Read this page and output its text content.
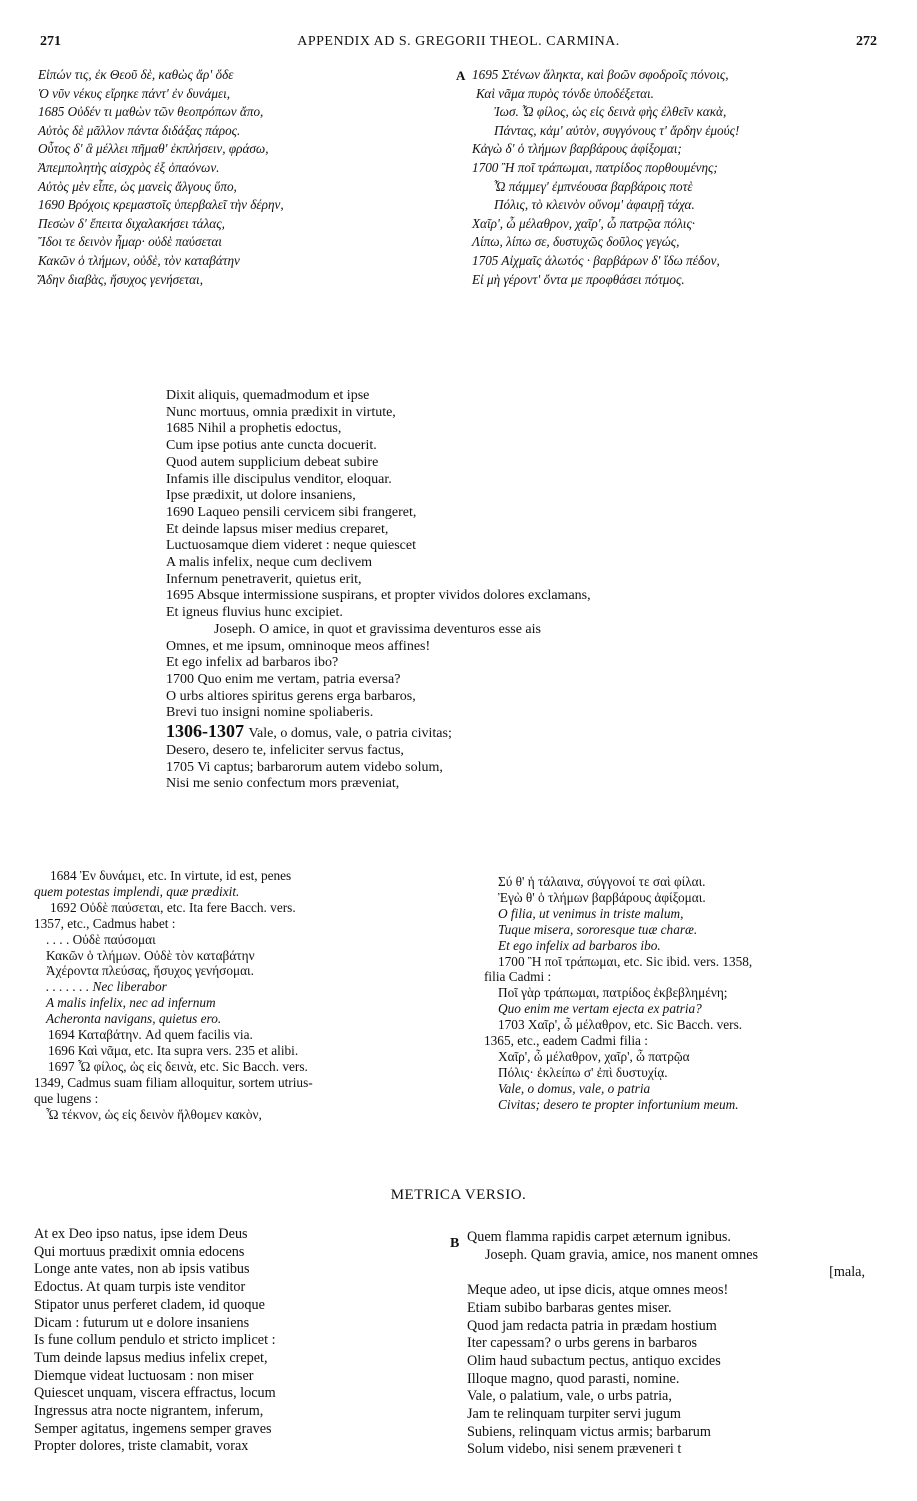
271	APPENDIX AD S. GREGORII THEOL. CARMINA.	272
Εἰπών τις, ἐκ Θεοῦ δὲ, καθὼς ἄρ' ὅδε
Ὁ νῦν νέκυς εἴρηκε πάντ' ἐν δυνάμει,
1685 Οὐδέν τι μαθὼν τῶν θεοπρόπων ἄπο,
Αὐτὸς δὲ μᾶλλον πάντα διδάξας πάρος.
Οὗτος δ' ἃ μέλλει πῆμαθ' ἐκπλήσειν, φράσω,
Ἀπεμπολητὴς αἰσχρὸς ἐξ ὀπαόνων.
Αὐτὸς μὲν εἶπε, ὡς μανεὶς ἄλγους ὕπο,
1690 Βρόχοις κρεμαστοῖς ὑπερβαλεῖ τὴν δέρην,
Πεσὼν δ' ἔπειτα διχαλακήσει τάλας,
Ἴδοι τε δεινὸν ἦμαρ· οὐδὲ παύσεται
Κακῶν ὁ τλήμων, οὐδὲ, τὸν καταβάτην
Ἄδην διαβὰς, ἥσυχος γενήσεται,
A 1695 Στένων ἄληκτα, καὶ βοῶν σφοδροῖς πόνοις,
Καὶ νᾶμα πυρὸς τόνδε ὑποδέξεται.
Ἰωσ. Ὦ φίλος, ὡς εἰς δεινὰ φὴς ἐλθεῖν κακὰ,
Πάντας, κἀμ' αὐτὸν, συγγόνους τ' ἄρδην ἐμούς!
Κἀγὼ δ' ὁ τλήμων βαρβάρους ἀφίξομαι;
1700 Ἢ ποῖ τράπωμαι, πατρίδος πορθουμένης;
Ὦ πάμμεγ' ἐμπνέουσα βαρβάροις ποτὲ
Πόλις, τὸ κλεινὸν οὔνομ' ἀφαιρῇ τάχα.
Χαῖρ', ὦ μέλαθρον, χαῖρ', ὦ πατρῷα πόλις·
Λίπω, λίπω σε, δυστυχῶς δοῦλος γεγώς,
1705 Αἰχμαῖς ἁλωτός · βαρβάρων δ' ἴδω πέδον,
Εἰ μὴ γέροντ' ὄντα με προφθάσει πότμος.
Dixit aliquis, quemadmodum et ipse
Nunc mortuus, omnia prædixit in virtute,
1685 Nihil a prophetis edoctus,
Cum ipse potius ante cuncta docuerit.
Quod autem supplicium debeat subire
Infamis ille discipulus venditor, eloquar.
Ipse prædixit, ut dolore insaniens,
1690 Laqueo pensili cervicem sibi frangeret,
Et deinde lapsus miser medius creparet,
Luctuosamque diem videret : neque quiescet
A malis infelix, neque cum declivem
Infernum penetraverit, quietus erit,
1695 Absque intermissione suspirans, et propter vividos dolores exclamans,
Et igneus fluvius hunc excipiet.
Joseph. O amice, in quot et gravissima deventuros esse ais
Omnes, et me ipsum, omninoque meos affines!
Et ego infelix ad barbaros ibo?
1700 Quo enim me vertam, patria eversa?
O urbs altiores spiritus gerens erga barbaros,
Brevi tuo insigni nomine spoliaberis.
1306-1307 Vale, o domus, vale, o patria civitas;
Desero, desero te, infeliciter servus factus,
1705 Vi captus; barbarorum autem videbo solum,
Nisi me senio confectum mors præveniat,
1684 Ἐν δυνάμει, etc. In virtute, id est, penes
quem potestas implendi, quæ prædixit.
1692 Οὐδὲ παύσεται, etc. Ita fere Bacch. vers.
1357, etc., Cadmus habet :
. . . . Οὐδὲ παύσομαι
Κακῶν ὁ τλήμων. Οὐδὲ τὸν καταβάτην
Ἀχέροντα πλεύσας, ἥσυχος γενήσομαι.
. . . . . . . Nec liberabor
A malis infelix, nec ad infernum
Acheronta navigans, quietus ero.
1694 Καταβάτην. Ad quem facilis via.
1696 Καὶ νᾶμα, etc. Ita supra vers. 235 et alibi.
1697 Ὦ φίλος, ὡς εἰς δεινὰ, etc. Sic Bacch. vers.
1349, Cadmus suam filiam alloquitur, sortem utrius-
que lugens :
Ὦ τέκνον, ὡς εἰς δεινὸν ἥλθομεν κακὸν,
Σύ θ' ἡ τάλαινα, σύγγονοί τε σαὶ φίλαι.
Ἐγὼ θ' ὁ τλήμων βαρβάρους ἀφίξομαι.
O filia, ut venimus in triste malum,
Tuque misera, sororesque tuæ charæ.
Et ego infelix ad barbaros ibo.
1700 Ἢ ποῖ τράπωμαι, etc. Sic ibid. vers. 1358,
filia Cadmi :
Ποῖ γὰρ τράπωμαι, πατρίδος ἐκβεβλημένη;
Quo enim me vertam ejecta ex patria?
1703 Χαῖρ', ὦ μέλαθρον, etc. Sic Bacch. vers.
1365, etc., eadem Cadmi filia :
Χαῖρ', ὦ μέλαθρον, χαῖρ', ὦ πατρῷα
Πόλις· ἐκλείπω σ' ἐπὶ δυστυχίᾳ.
Vale, o domus, vale, o patria
Civitas; desero te propter infortunium meum.
METRICA VERSIO.
At ex Deo ipso natus, ipse idem Deus
Qui mortuus prædixit omnia edocens
Longe ante vates, non ab ipsis vatibus
Edoctus. At quam turpis iste venditor
Stipator unus perferet cladem, id quoque
Dicam : futurum ut e dolore insaniens
Is fune collum pendulo et stricto implicet :
Tum deinde lapsus medius infelix crepet,
Diemque videat luctuosam : non miser
Quiescet unquam, viscera effractus, locum
Ingressus atra nocte nigrantem, inferum,
Semper agitatus, ingemens semper graves
Propter dolores, triste clamabit, vorax
B Quem flamma rapidis carpet æternum ignibus.
Joseph. Quam gravia, amice, nos manent omnes
[mala,
Meque adeo, ut ipse dicis, atque omnes meos!
Etiam subibo barbaras gentes miser.
Quod jam redacta patria in prædam hostium
Iter capessam? o urbs gerens in barbaros
Olim haud subactum pectus, antiquo excides
Illoque magno, quod parasti, nomine.
Vale, o palatium, vale, o urbs patria,
Jam te relinquam turpiter servi jugum
Subiens, relinquam victus armis; barbarum
Solum videbo, nisi senem præveneri t
